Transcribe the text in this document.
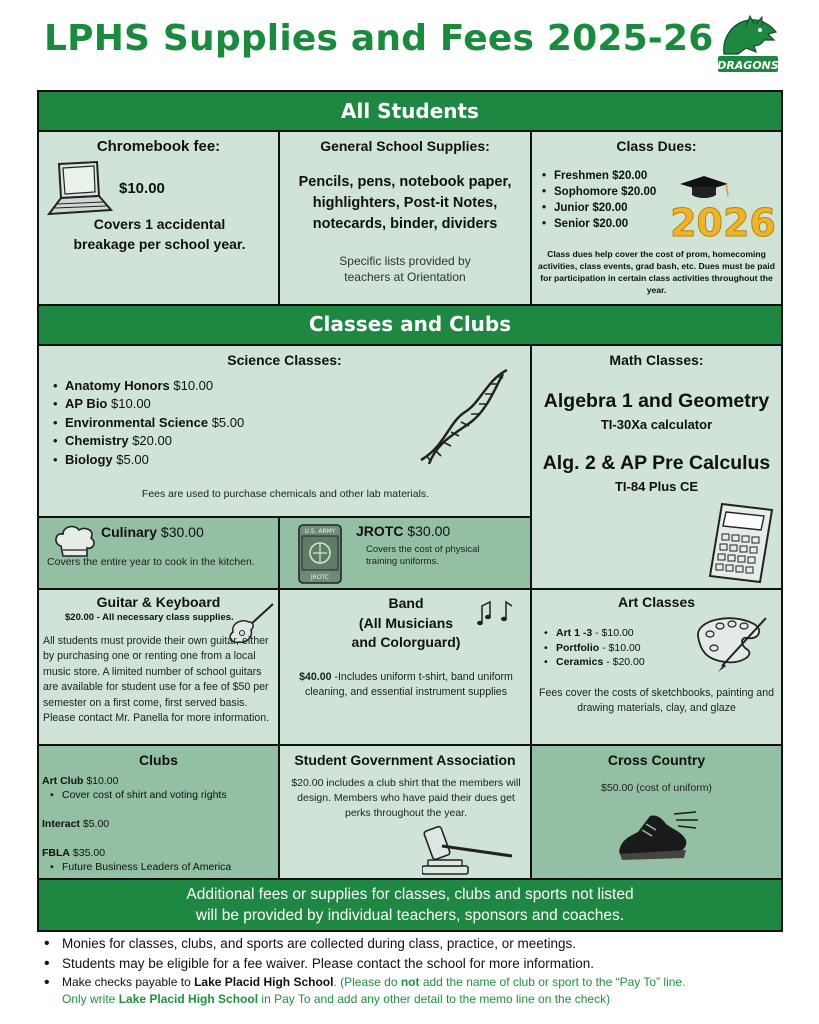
LPHS Supplies and Fees 2025-26
DRAGONS
All Students
Chromebook fee:
$10.00
Covers 1 accidental
breakage per school year.
General School Supplies:
Pencils, pens, notebook paper,
highlighters, Post-it Notes,
notecards, binder, dividers
Specific lists provided by
teachers at Orientation
Class Dues:
• Freshmen $20.00
• Sophomore $20.00
• Junior $20.00
• Senior $20.00	2026
Class dues help cover the cost of prom, homecoming activities, class events, grad bash, etc. Dues must be paid for participation in certain class activities throughout the year.
Classes and Clubs
Science Classes:
• Anatomy Honors $10.00
• AP Bio $10.00
• Environmental Science $5.00
• Chemistry $20.00
• Biology $5.00
Fees are used to purchase chemicals and other lab materials.
Math Classes:
Algebra 1 and Geometry
TI-30Xa calculator
Alg. 2 & AP Pre Calculus
TI-84 Plus CE
Culinary $30.00
Covers the entire year to cook in the kitchen.
U.S. ARMY
JROTC
JROTC $30.00
Covers the cost of physical
training uniforms.
Guitar & Keyboard
$20.00 - All necessary class supplies.
All students must provide their own guitar, either by purchasing one or renting one from a local music store. A limited number of school guitars are available for student use for a fee of $50 per semester on a first come, first served basis. Please contact Mr. Panella for more information.
Band
(All Musicians
and Colorguard)
$40.00 -Includes uniform t-shirt, band uniform cleaning, and essential instrument supplies
Art Classes
• Art 1 -3 - $10.00
• Portfolio - $10.00
• Ceramics - $20.00
Fees cover the costs of sketchbooks, painting and drawing materials, clay, and glaze
Clubs
Art Club $10.00
• Cover cost of shirt and voting rights
Interact $5.00
FBLA $35.00
• Future Business Leaders of America
Student Government Association
$20.00 includes a club shirt that the members will design. Members who have paid their dues get perks throughout the year.
Cross Country
$50.00 (cost of uniform)
Additional fees or supplies for classes, clubs and sports not listed
will be provided by individual teachers, sponsors and coaches.
• Monies for classes, clubs, and sports are collected during class, practice, or meetings.
• Students may be eligible for a fee waiver. Please contact the school for more information.
• Make checks payable to Lake Placid High School. (Please do not add the name of club or sport to the “Pay To” line.
Only write Lake Placid High School in Pay To and add any other detail to the memo line on the check)
